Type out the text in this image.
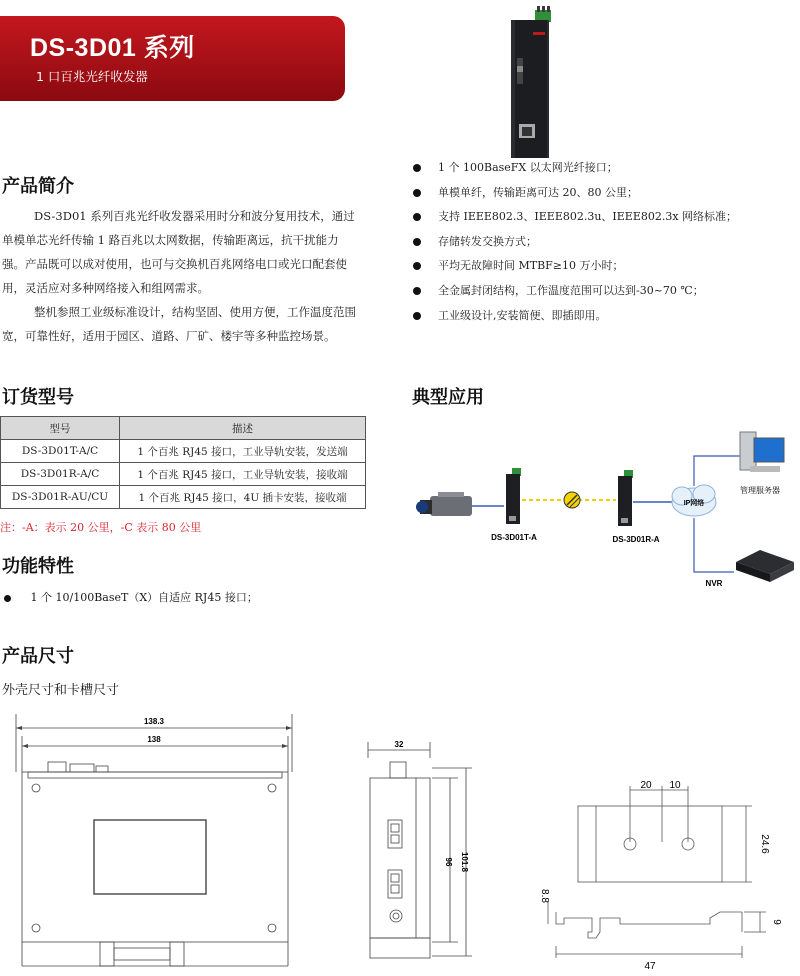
DS-3D01 系列
1 口百兆光纤收发器
产品简介
DS-3D01 系列百兆光纤收发器采用时分和波分复用技术，通过单模单芯光纤传输 1 路百兆以太网数据，传输距离远，抗干扰能力强。产品既可以成对使用，也可与交换机百兆网络电口或光口配套使用，灵活应对多种网络接入和组网需求。
整机参照工业级标准设计，结构坚固、使用方便，工作温度范围宽，可靠性好，适用于园区、道路、厂矿、楼宇等多种监控场景。
1 个 100BaseFX 以太网光纤接口；
单模单纤，传输距离可达 20、80 公里；
支持 IEEE802.3、IEEE802.3u、IEEE802.3x 网络标准；
存储转发交换方式；
平均无故障时间 MTBF≥10 万小时；
全金属封闭结构，工作温度范围可以达到-30~70 ℃；
工业级设计,安装简便、即插即用。
订货型号
型号	描述
DS-3D01T-A/C	1 个百兆 RJ45 接口，工业导轨安装，发送端
DS-3D01R-A/C	1 个百兆 RJ45 接口，工业导轨安装，接收端
DS-3D01R-AU/CU	1 个百兆 RJ45 接口，4U 插卡安装，接收端
注：-A：表示 20 公里，-C 表示 80 公里
典型应用
DS-3D01T-A	DS-3D01R-A
IP网络
管理服务器
NVR
功能特性
1 个 10/100BaseT（X）自适应 RJ45 接口；
产品尺寸
外壳尺寸和卡槽尺寸
138.3
138
32
96 101.8
20 10
24.6
8.8
9
47
